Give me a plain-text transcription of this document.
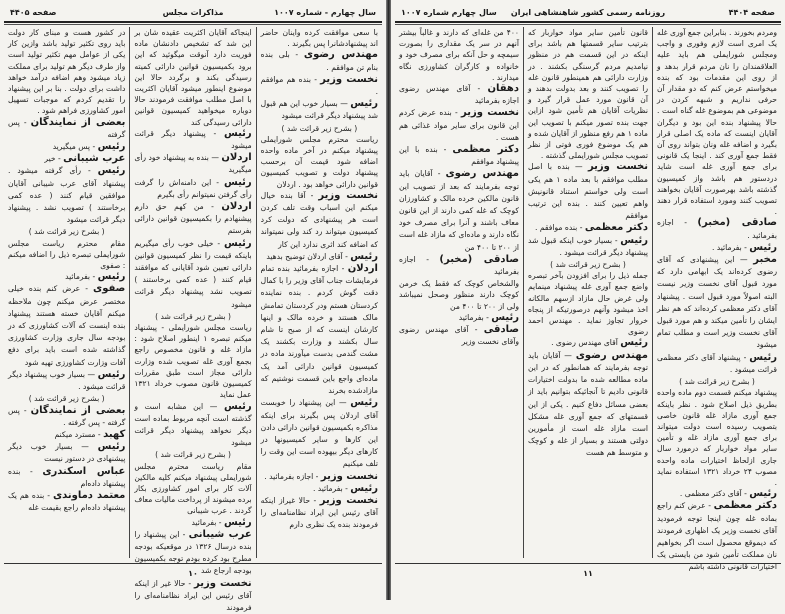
سال چهارم - شماره ۱۰۰۷
مذاکرات مجلس
صفحه ۴۴۰۵

با سعی موافقت کرده واینان حاضر اند پیشنهادشانرا پس بگیرند .

مهندس رضوی - بلی بنده بنام تن موافقم .

نخست وزیر - بنده هم موافقم .

رئیس — بسیار خوب این هم قبول شد پیشنهاد دیگر قرائت میشود

( بشرح زیر قرائت شد )

ریاست محترم مجلس شورایملی پیشنهاد میکنم در آخر ماده واحده اضافه شود قیمت آن برحسب پیشنهاد دولت و تصویب کمیسیون قوانین دارائی خواهد بود . اردلان

نخست وزیر - آقا بنده خیال میکنم این اسباب وقت تلف کردن است هر پیشنهادی که دولت کرد کمیسیون میتواند رد کند ولی نمیتواند که اضافه کند اثری ندارد این کار

رئیس - آقای اردلان توضیح بدهید

اردلان - اجازه بفرمائید بنده تمام فرمایشات جناب آقای وزیر را با کمال دقت گوش کردم . بنده نماینده کردستان هستم ودر کردستان تمامش مالک هستند و خرده مالک و اینها کارشان اینست که از صبح تا شام سال بکشند و وزارت بکشند یک مشت گندمی بدست میآورند ماده در کمیسیون قوانین دارائی آمد یک ماده‌ای واجع باین قسمت نوشتیم که مازادشده بخرند

رئیس — این پیشنهاد را خوبست آقای اردلان پس بگیرند برای اینکه مذاکره بکمیسیون قوانین دارائی دادن این کارها و سایر کمیسیونها در کارهای دیگر بیهوده است این وقت را تلف میکنیم

نخست وزیر - اجازه بفرمائید .

رئیس - بفرمائید .

نخست وزیر - حالا غیراز اینکه آقای رئیس این ایراد نظامنامه‌ای را فرمودند بنده یک نظری دارم

اینجاکه آقایان اکثریت عقیده شان بر این شد که تشخیص دادنشان ماده فوریت دارد آنوقت میگوئید که این برود بکمیسیون قوانین دارائی کمیته رسیدگی بکند و برگردد حالا این موضوع اینطور میشود آقایان اکثریت با اصل مطلب موافقت فرمودند حالا دوباره میخواهید کمیسیون قوانین دارائی رسیدگی کند

رئیس - پیشنهاد دیگر قرائت میشود

اردلان — بنده به پیشنهاد خود رأی میگیرید

رئیس - این دامنه‌اش را گرفت رأی گرفتن نمیتوانم رأی بگیرم

اردلان - من کهم حق دارم پیشنهادم را بکمیسیون قوانین دارائی بفرستم

رئیس - خیلی خوب رأی میگیریم باینکه قیمت را نظر کمیسیون قوانین دارائی تعیین شود آقایانی که موافقند قیام کنند ( عده کمی برخاستند ) تصویب نشد پیشنهاد دیگر قرائت میشود

( بشرح زیر قرائت شد )

ریاست مجلس شورایملی - پیشنهاد میکنم تبصره ۱ اینطور اصلاح شود : مازاد غله و قانون مخصوص راجع بجمع آوری غله تصویب شده وزارت دارائی مجاز است طبق مقررات کمیسیون قانون مصوب خرداد ۱۳۲۱ عمل نماید

رئیس — این مشابه است و گذشته است آنچه مربوط بماده است دیگر نخواهد پیشنهاد دیگر قرائت میشود

( بشرح زیر قرائت شد )

مقام ریاست محترم مجلس شورایملی پیشنهاد میکنم کلیه مالکین آلات کار برای امور کشاورزی بکار برده میشوند از پرداخت مالیات معاف گردند . عرب شیبانی

رئیس - بفرمائید

عرب شیبانی - این پیشنهاد را بنده درسال ۱۳۲۶ در موقعیکه بودجه مطرح بود کرده بودم توجه بکمیسیون بودجه ارجاع شد

نخست وزیر - حالا غیر از اینکه آقای رئیس این ایراد نظامنامه‌ای را فرمودند

در کشور هست و مبنای کار دولت باید روی تکثیر تولید باشد وازین کار یکی از عوامل مهم تکثیر تولید است واز طرف دیگر هم تولید برای مملکت زیاد میشود وهم اضافه درآمد خواهد داشت برای دولت . بنا بر این پیشنهاد را تقدیم کردم که موجبات تسهیل امور کشاورزی فراهم شود .

بعضی از نمایندگان - پس گرفته

رئیس - پس میگیرید

عرب شیبانی - خیر

رئیس - رأی گرفته میشود . پیشنهاد آقای عرب شیبانی آقایان موافقین قیام کنند ( عده کمی برخاستند ) تصویب نشد . پیشنهاد دیگر قرائت میشود

( بشرح زیر قرائت شد )

مقام محترم ریاست مجلس شورایملی تبصره ذیل را اضافه میکنم : صفوی

رئیس - بفرمائید

صفوی - عرض کنم بنده خیلی مختصر عرض میکنم چون ملاحظه میکنم آقایان خسته هستند پیشنهاد بنده اینست که آلات کشاورزی که در بودجه سال جاری وزارت کشاورزی گذاشته شده است باید برای دفع آفات وزارت کشاورزی تهیه شود

رئیس — بسیار خوب پیشنهاد دیگر قرائت میشود .

( بشرح زیر قرائت شد )

بعضی از نمایندگان - پس گرفته - پس گرفته .

کهبد - مسترد میکنم

رئیس — بسیار خوب دیگر پیشنهادی در دستور نیست

عباس اسکندری - بنده پیشنهاد داده‌ام

معتمد دماوندی - بنده هم یک پیشنهاد داده‌ام راجع بقیمت غله

۱۰
صفحه ۴۴۰۴
روزنامه رسمی کشور شاهنشاهی ایران
سال چهارم شماره ۱۰۰۷

ومردم بخورند . بنابراین جمع آوری غله یک امری است لازم وفوری و واجب ومجلس شورایملی هم باید علیه العلاقمندان را نان مردم قرار بدهد و از روی این مقدمات بود که بنده میخواستم عرض کنم که دو مقدار آن حرفی نداریم و شبهه کردن در موضوعی هم بموضوع غله گناه است . حالا پیشنهاد بنده این بود و دیگران آقایان اینست که ماده یک اصلی قرار بگیرد و اضافه غله ونان بتواند روی آن فقط جمع آوری کند . اینجا یک قانونی برای جمع آوری غله است شاید دردستور هم باشد واز کمیسیون گذشته باشد بهرصورت آقایان بخواهند تصویب کنند ومورد استفاده قرار دهند .

صادقی (مخبر) - اجازه بفرمائید .

رئیس - بفرمائید .

مخبر — این پیشنهادی که آقای رضوی کرده‌اند یک ابهامی دارد که مورد قبول آقای نخست وزیر نیست البته اصولاً مورد قبول است . پیشنهاد آقای دکتر معظمی کرده‌اند که هم نظر ایشان را تأمین میکند و هم مورد قبول آقای نخست وزیر است و مطلب تمام میشود

رئیس - پیشنهاد آقای دکتر معظمی قرائت میشود .

( بشرح زیر قرائت شد )

پیشنهاد میکنم قسمت دوم ماده واحده بطریق ذیل اصلاح شود . نظر باینکه جمع آوری مازاد غله قانون خاصی بتصویب رسیده است دولت میتواند برای جمع آوری مازاد غله و تأمین سایر مواد خواربار که درمورد سال جاری ازلحاظ اختیارات ماده واحده مصوب ۲۴ خرداد ۱۳۲۱ استفاده نماید .

رئیس - آقای دکتر معظمی .

دکتر معظمی - عرض کنم راجع بماده غله چون اینجا توجه فرمودید آقای نخست وزیر یک اظهاری فرمودند که دیموقع محصول است اگر بخواهیم نان مملکت تأمین شود من بایستی یک اختیارات قانونی داشته باشم

قانون تأمین سایر مواد خواربار که بترتیب سایر قسمتها هم باشد برای اینکه در این قسمت هم در منظور نیامدیم مردم گرسنگی بکشند . در وزارت دارائی هم همینطور قانون غله را تصویب کنند و بعد بدولت بدهند و آن قانون مورد عمل قرار گیرد و نظریات آقایان هم تأمین شود ازاین جهت بنده تصور میکنم با تصویب این ماده ۱ هم رفع منظور از آقایان شده و هم یک موضوع فوری فوتی از نظر تصویب مجلس شورایملی گذشته .

نخست وزیر — بنده با اصل مطلب موافقم با بعد ماده ۱ هم یکی است ولی خواستم استناد قانونیش واهم تعیین کنند . بنده این ترتیب موافقم

دکتر معظمی - بنده موافقم .

رئیس - بسیار خوب اینکه قبول شد پیشنهاد دیگر قرائت میشود .

( بشرح زیر قرائت شد )

جمله ذیل را برای افزودن بآخر تبصره واضع جمع آوری غله پیشنهاد مینمایم ولی غرض حال مازاد ازسهم مالکانه اخذ میشود وآنهم درصورتیکه از پنجاه خروار تجاوز نماید . مهندس احمد رضوی

رئیس آقای مهندس رضوی .

مهندس رضوی — آقایان باید توجه بفرمایند که همانطور که در این ماده مطالعه شده ما بدولت اختیارات قانونی دادیم تا آنجائیکه بتوانیم باید از بعضی مسائل دفاع کنیم . یکی از این قسمتهای که جمع آوری غله مشکل است مازاد غله است از مأمورین دولتی هستند و بسیار از غله و کوچک و متوسط هم هست

۴۰۰ من غله‌ای که دارند و غالباً بیشتر آنهم در سر یک مقداری را بصورت سیمچه و حل آنکه برای مصرف خود و خانواده و کارگران کشاورزی نگاه میدارند .

دهقان - آقای مهندس رضوی اجازه بفرمائید

نخست وزیر - بنده عرض کردم این قانون برای سایر مواد غذائی هم هست .

دکتر معظمی - بنده با این پیشنهاد موافقم

مهندس رضوی - آقایان باید توجه بفرمایند که بعد از تصویب این قانون مالکین خرده مالک و کشاورزان کوچک که غله کمی دارند از این قانون معاف باشند و آنرا برای مصرف خود نگاه دارند و ماده‌ای که مازاد غله است از ۲۰۰ تا ۴۰۰ من

صادقی (مخبر) - اجازه بفرمائید

والشخاص کوچک که فقط یک خرمن کوچک دارند منظور وصحل نمیباشد ولی از ۲۰۰ تا ۴۰۰ من

رئیس - بفرمائید

صادقی - آقای مهندس رضوی وآقای نخست وزیر

۱۱
